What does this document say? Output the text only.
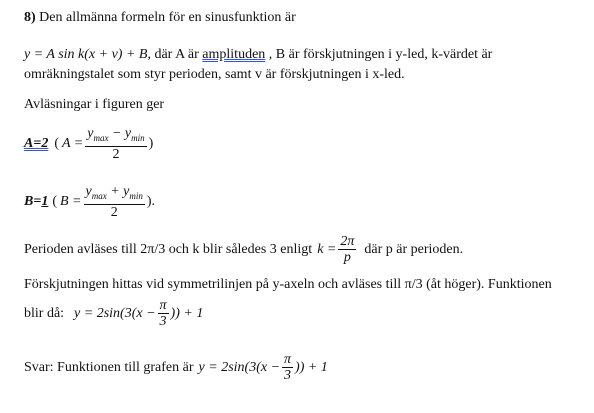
8) Den allmänna formeln för en sinusfunktion är
y = A sin k(x + v) + B, där A är amplituden , B är förskjutningen i y-led, k-värdet är
omräkningstalet som styr perioden, samt v är förskjutningen i x-led.
Avläsningar i figuren ger
A=2 ( $A = \frac{y_{max} - y_{min}}{2}$ )
B= 1 ( $B = \frac{y_{max} + y_{min}}{2}$ ).
Perioden avläses till 2π/3 och k blir således 3 enligt $k = \frac{2\pi}{p}$ där p är perioden.
Förskjutningen hittas vid symmetrilinjen på y-axeln och avläses till π/3 (åt höger). Funktionen
blir då: $y = 2\sin(3(x - \frac{\pi}{3}$ )) + 1
Svar: Funktionen till grafen är $y = 2\sin(3(x - \frac{\pi}{3}$ )) + 1
